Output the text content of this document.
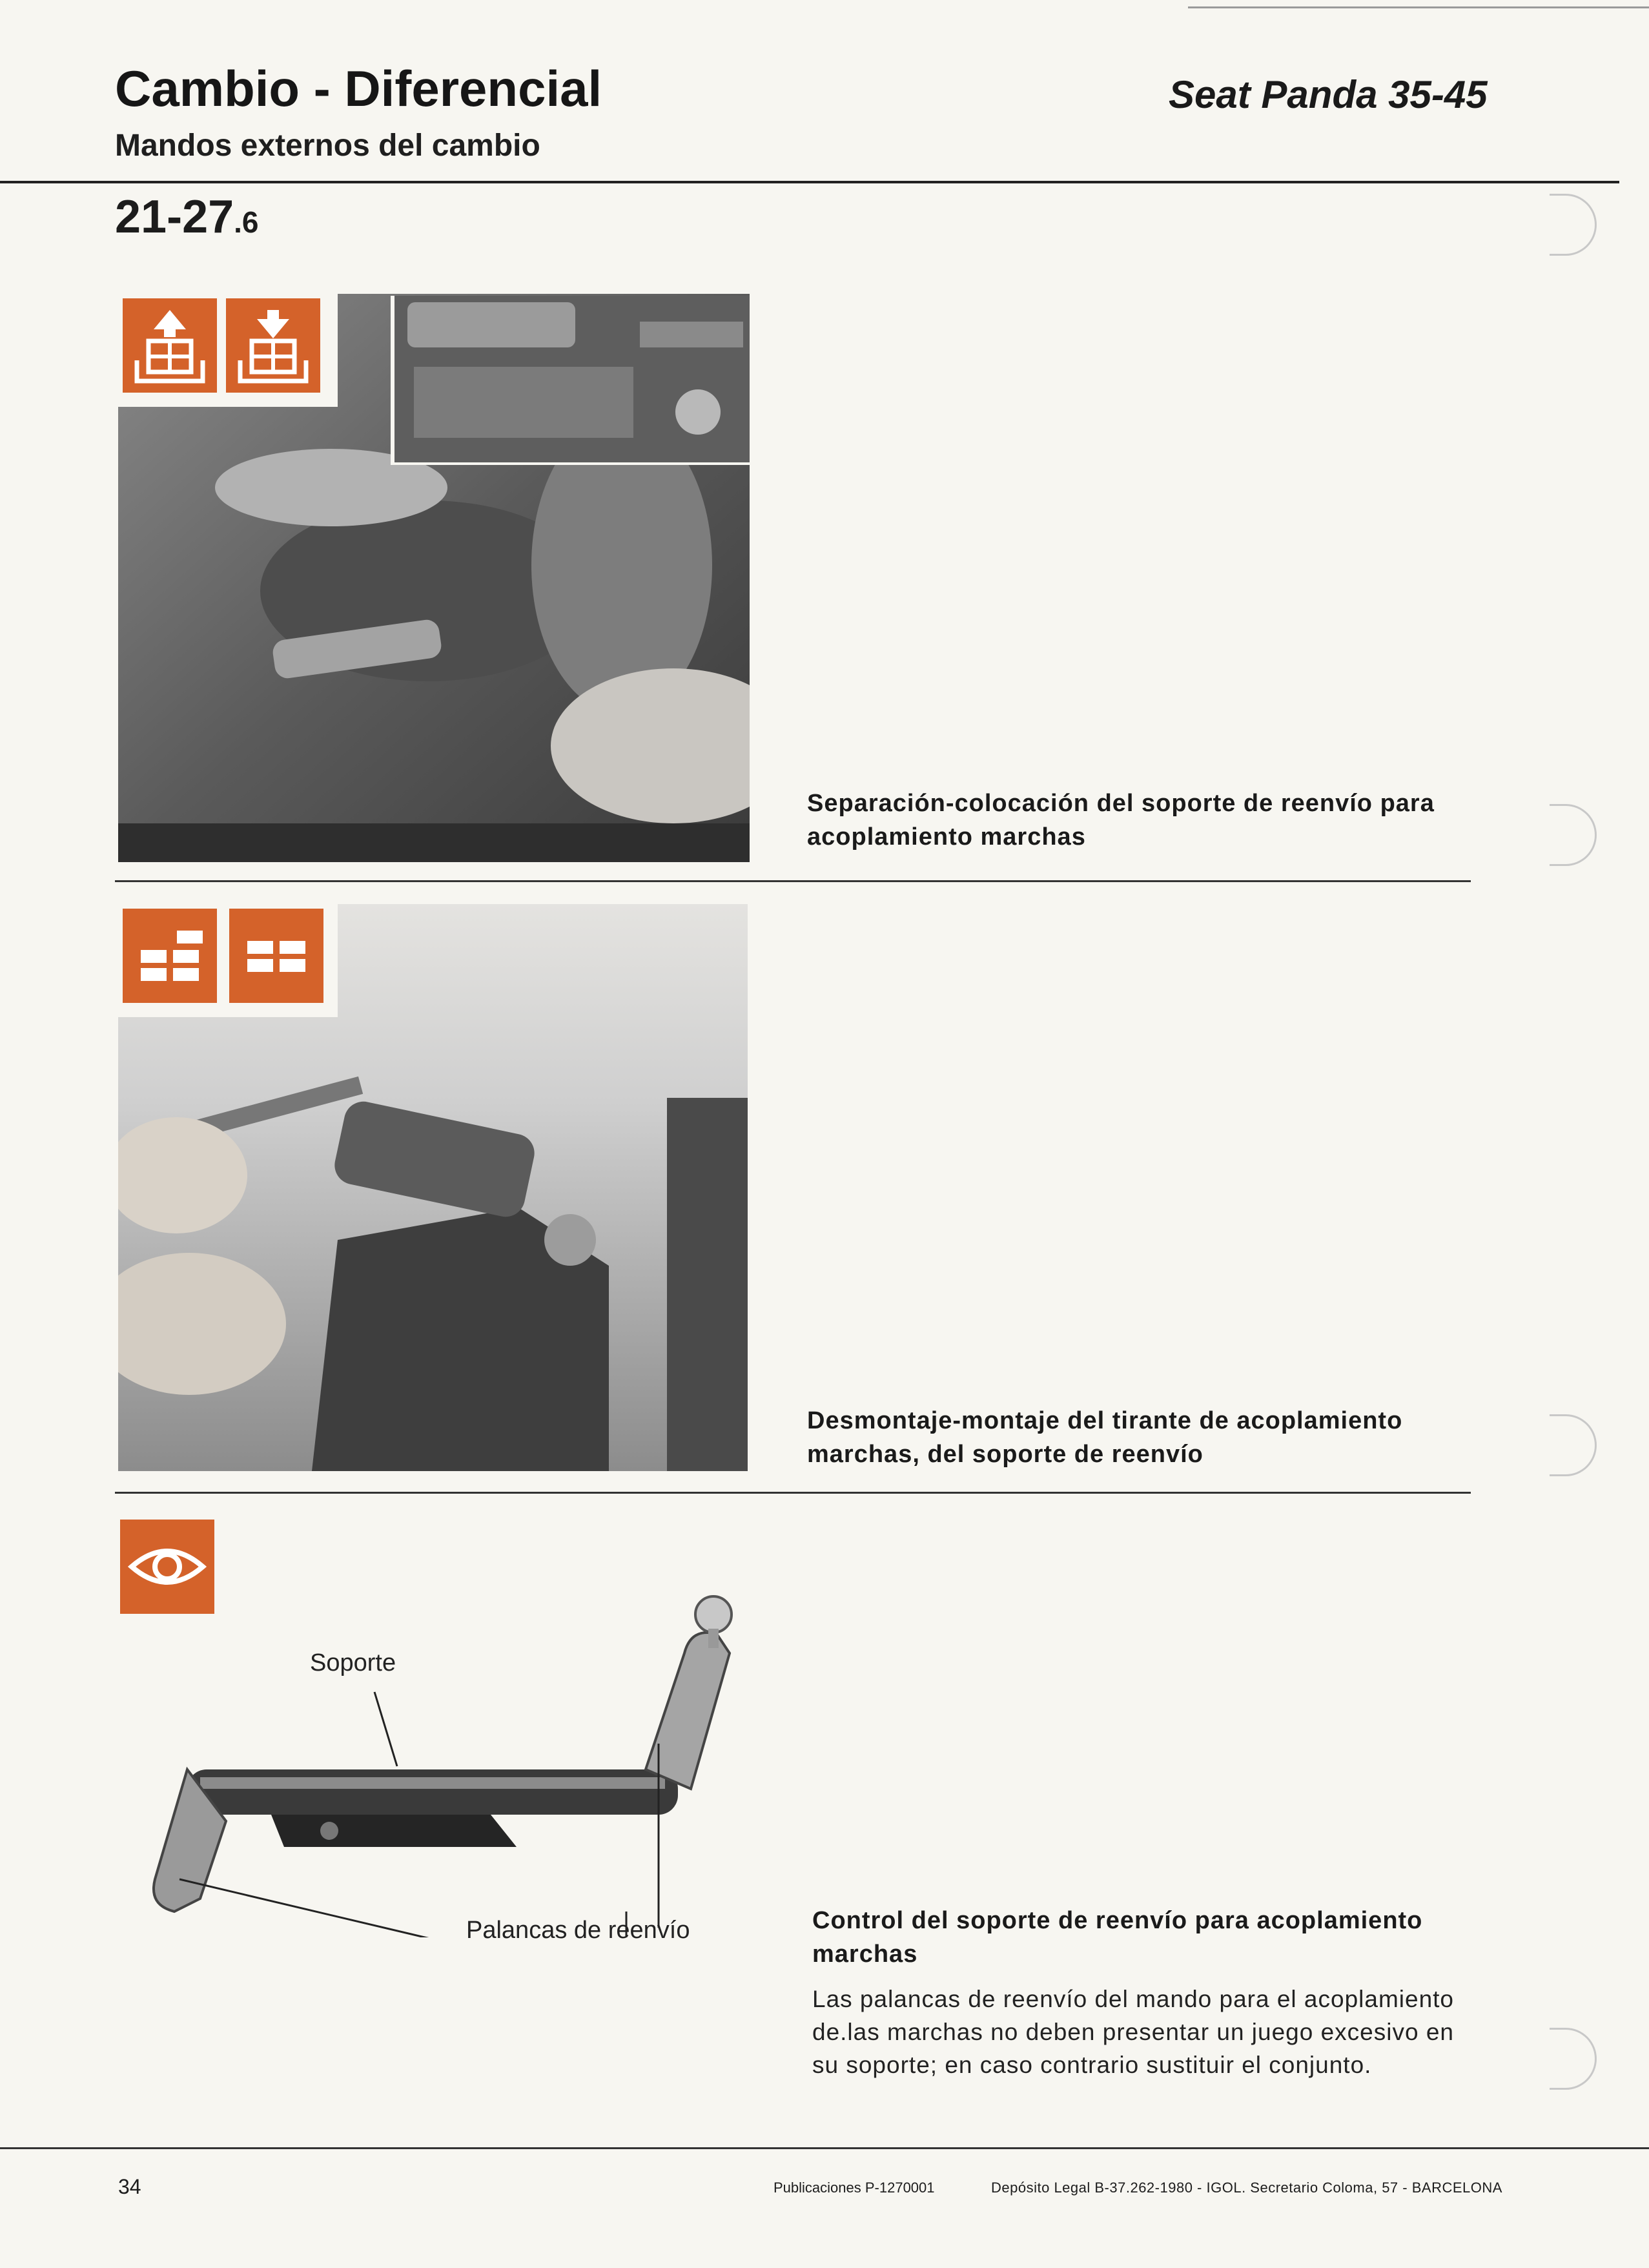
Cambio - Diferencial
Mandos externos del cambio
Seat Panda 35-45
21-27.6
Separación-colocación del soporte de reenvío para acoplamiento marchas
Desmontaje-montaje del tirante de acoplamiento marchas, del soporte de reenvío
Soporte
Palancas de reenvío	Control del soporte de reenvío para acoplamiento marchas
Las palancas de reenvío del mando para el acoplamiento de.las marchas no deben presentar un juego excesivo en su soporte; en caso contrario sustituir el conjunto.
34	Publicaciones P-1270001	Depósito Legal B-37.262-1980 - IGOL. Secretario Coloma, 57 - BARCELONA
